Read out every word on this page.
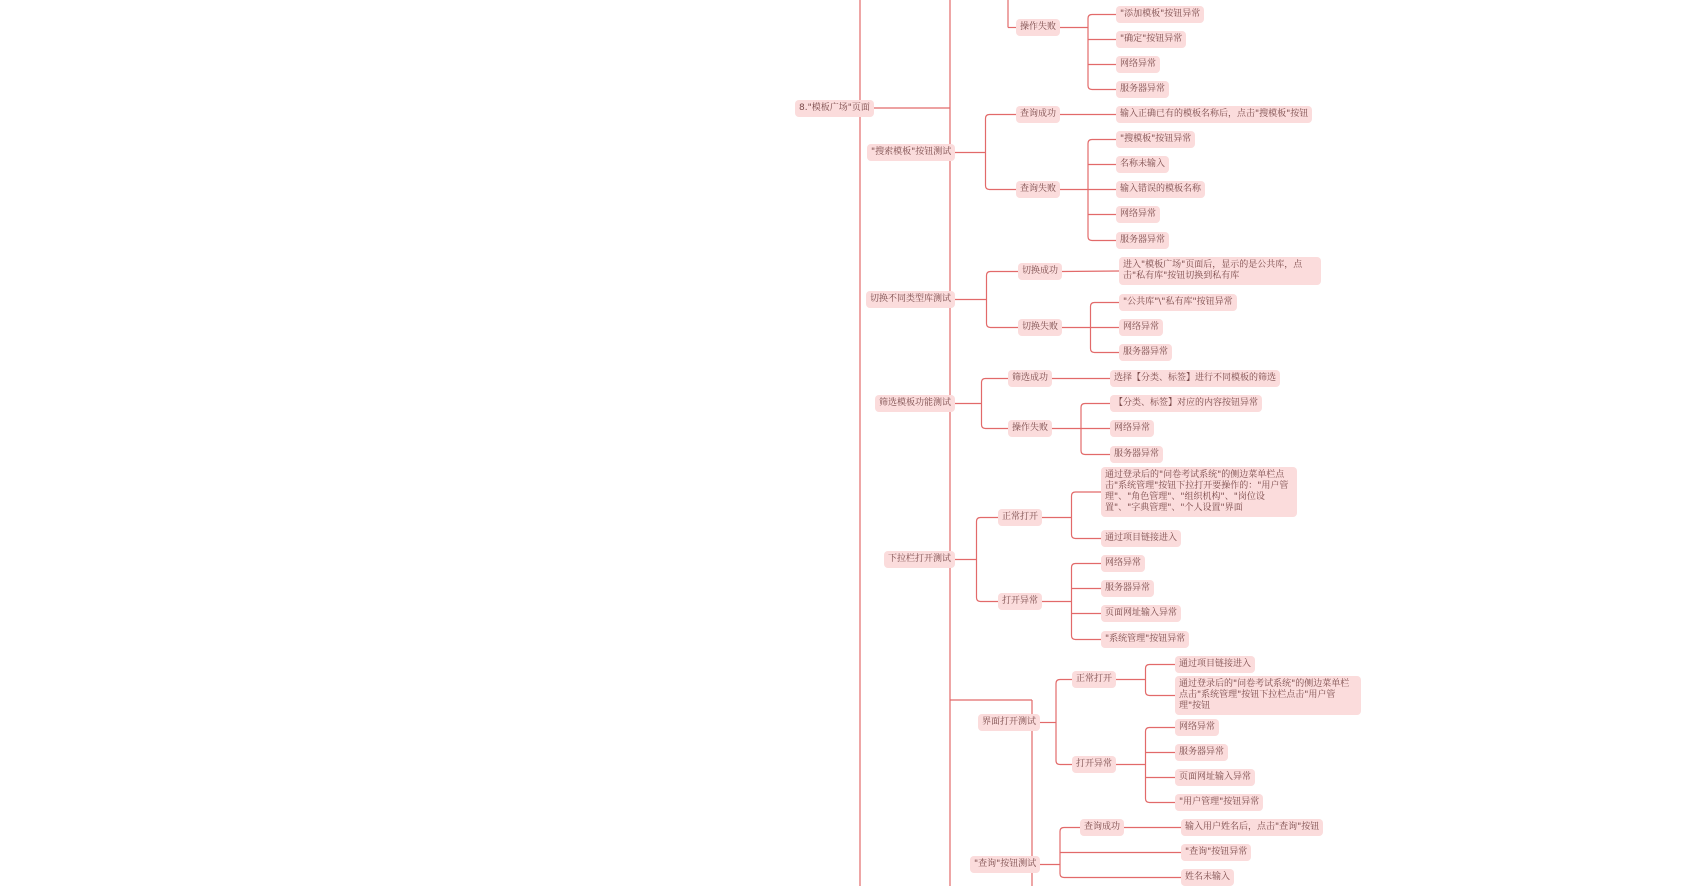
"添加模板"按钮异常
操作失败
"确定"按钮异常
网络异常
服务器异常
8."模板广场"页面
查询成功	输入正确已有的模板名称后，点击"搜模板"按钮
"搜索模板"按钮测试
"搜模板"按钮异常
名称未输入
查询失败	输入错误的模板名称
网络异常
服务器异常
切换成功
进入"模板广场"页面后，显示的是公共库，点击"私有库"按钮切换到私有库
切换不同类型库测试	"公共库"\"私有库"按钮异常
切换失败	网络异常
服务器异常
筛选成功	选择【分类、标签】进行不同模板的筛选
筛选模板功能测试	【分类、标签】对应的内容按钮异常
操作失败	网络异常
服务器异常
通过登录后的"问卷考试系统"的侧边菜单栏点击"系统管理"按钮下拉打开要操作的："用户管理"、"角色管理"、"组织机构"、"岗位设置"、"字典管理"、"个人设置"界面
正常打开
通过项目链接进入
下拉栏打开测试	网络异常
服务器异常
打开异常
页面网址输入异常
"系统管理"按钮异常
通过项目链接进入
正常打开	通过登录后的"问卷考试系统"的侧边菜单栏点击"系统管理"按钮下拉栏点击"用户管理"按钮
界面打开测试	网络异常
服务器异常
打开异常
页面网址输入异常
"用户管理"按钮异常
查询成功	输入用户姓名后，点击"查询"按钮
"查询"按钮测试
"查询"按钮异常
姓名未输入
